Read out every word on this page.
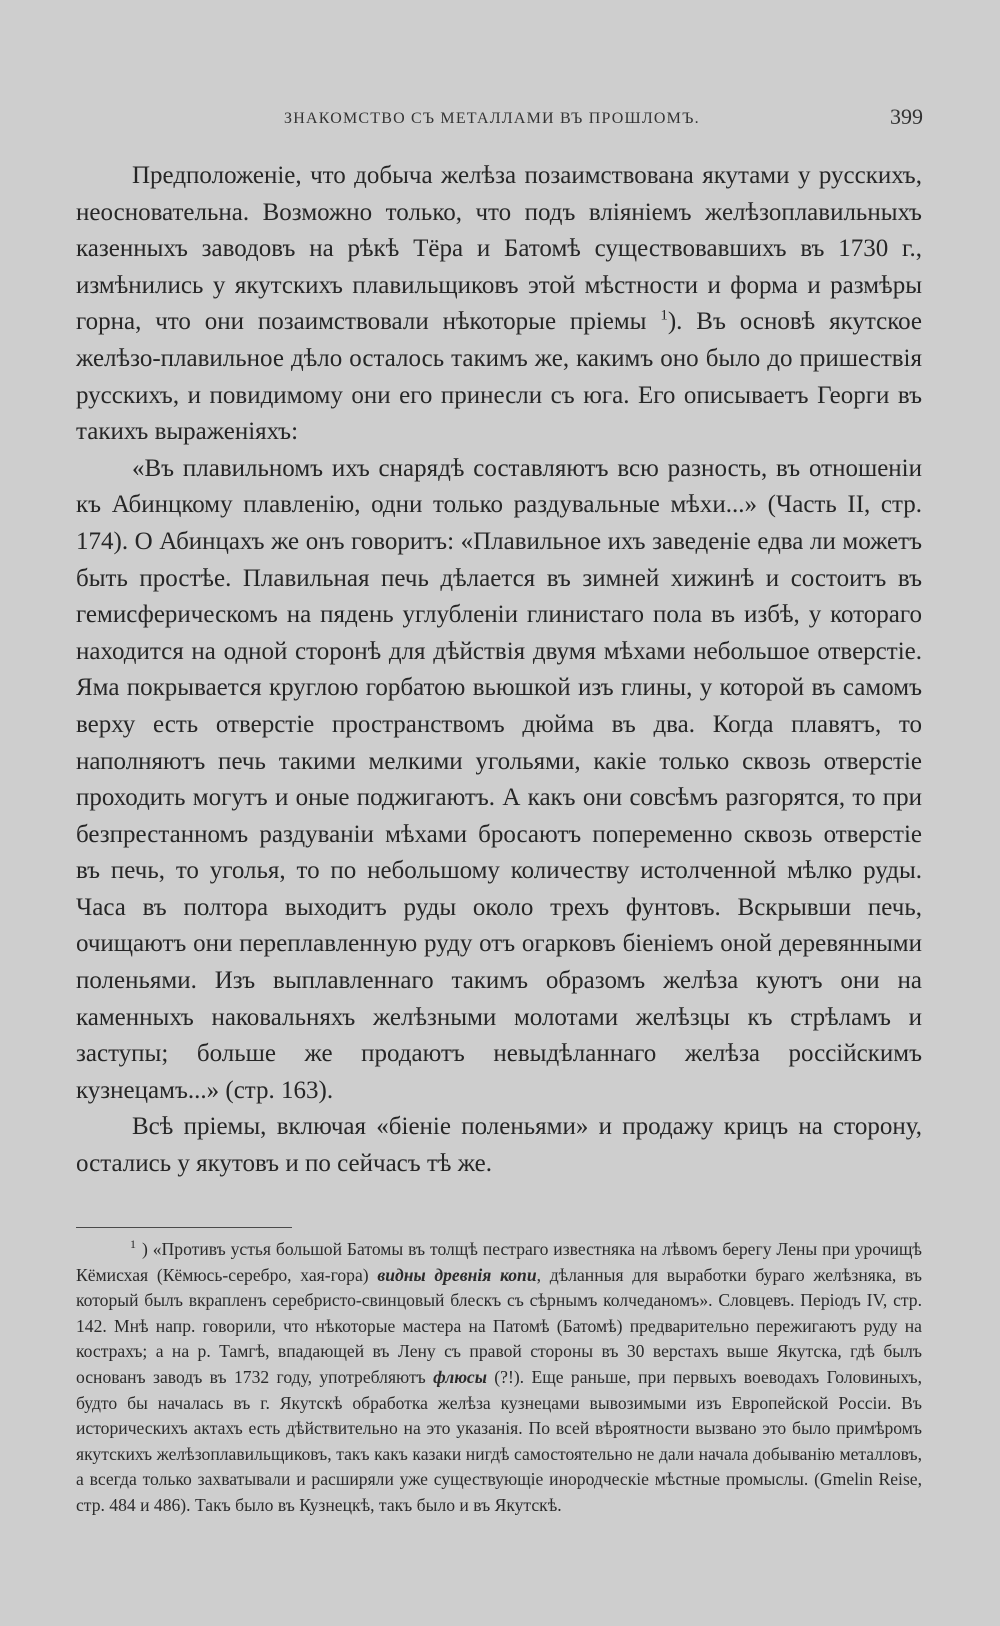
ЗНАКОМСТВО СЪ МЕТАЛЛАМИ ВЪ ПРОШЛОМЪ.	399

Предположеніе, что добыча желѣза позаимствована якутами у русскихъ, неосновательна. Возможно только, что подъ вліяніемъ желѣзоплавильныхъ казенныхъ заводовъ на рѣкѣ Тёра и Батомѣ существовавшихъ въ 1730 г., измѣнились у якутскихъ плавильщиковъ этой мѣстности и форма и размѣры горна, что они позаимствовали нѣкоторые пріемы $^1$). Въ основѣ якутское желѣзо-плавильное дѣло осталось такимъ же, какимъ оно было до пришествія русскихъ, и повидимому они его принесли съ юга. Его описываетъ Георги въ такихъ выраженіяхъ:

«Въ плавильномъ ихъ снарядѣ составляютъ всю разность, въ отношеніи къ Абинцкому плавленію, одни только раздувальные мѣхи...» (Часть II, стр. 174). О Абинцахъ же онъ говоритъ: «Плавильное ихъ заведеніе едва ли можетъ быть простѣе. Плавильная печь дѣлается въ зимней хижинѣ и состоитъ въ гемисферическомъ на пядень углубленіи глинистаго пола въ избѣ, у котораго находится на одной сторонѣ для дѣйствія двумя мѣхами небольшое отверстіе. Яма покрывается круглою горбатою вьюшкой изъ глины, у которой въ самомъ верху есть отверстіе пространствомъ дюйма въ два. Когда плавятъ, то наполняютъ печь такими мелкими угольями, какіе только сквозь отверстіе проходить могутъ и оные поджигаютъ. А какъ они совсѣмъ разгорятся, то при безпрестанномъ раздуваніи мѣхами бросаютъ попеременно сквозь отверстіе въ печь, то уголья, то по небольшому количеству истолченной мѣлко руды. Часа въ полтора выходитъ руды около трехъ фунтовъ. Вскрывши печь, очищаютъ они переплавленную руду отъ огарковъ біеніемъ оной деревянными поленьями. Изъ выплавленнаго такимъ образомъ желѣза куютъ они на каменныхъ наковальняхъ желѣзными молотами желѣзцы къ стрѣламъ и заступы; больше же продаютъ невыдѣланнаго желѣза россійскимъ кузнецамъ...» (стр. 163).

Всѣ пріемы, включая «біеніе поленьями» и продажу крицъ на сторону, остались у якутовъ и по сейчасъ тѣ же.

$^1$ ) «Противъ устья большой Батомы въ толщѣ пестраго известняка на лѣвомъ берегу Лены при урочищѣ Кёмисхая (Кёмюсь-серебро, хая-гора) видны древнія копи, дѣланныя для выработки бураго желѣзняка, въ который былъ вкрапленъ серебристо-свинцовый блескъ съ сѣрнымъ колчеданомъ». Словцевъ. Періодъ IV, стр. 142. Мнѣ напр. говорили, что нѣкоторые мастера на Патомѣ (Батомѣ) предварительно пережигаютъ руду на кострахъ; а на р. Тамгѣ, впадающей въ Лену съ правой стороны въ 30 верстахъ выше Якутска, гдѣ былъ основанъ заводъ въ 1732 году, употребляютъ флюсы (?!). Еще раньше, при первыхъ воеводахъ Головиныхъ, будто бы началась въ г. Якутскѣ обработка желѣза кузнецами вывозимыми изъ Европейской Россіи. Въ историческихъ актахъ есть дѣйствительно на это указанія. По всей вѣроятности вызвано это было примѣромъ якутскихъ желѣзоплавильщиковъ, такъ какъ казаки нигдѣ самостоятельно не дали начала добыванію металловъ, а всегда только захватывали и расширяли уже существующіе инородческіе мѣстные промыслы. (Gmelin Reise, стр. 484 и 486). Такъ было въ Кузнецкѣ, такъ было и въ Якутскѣ.
